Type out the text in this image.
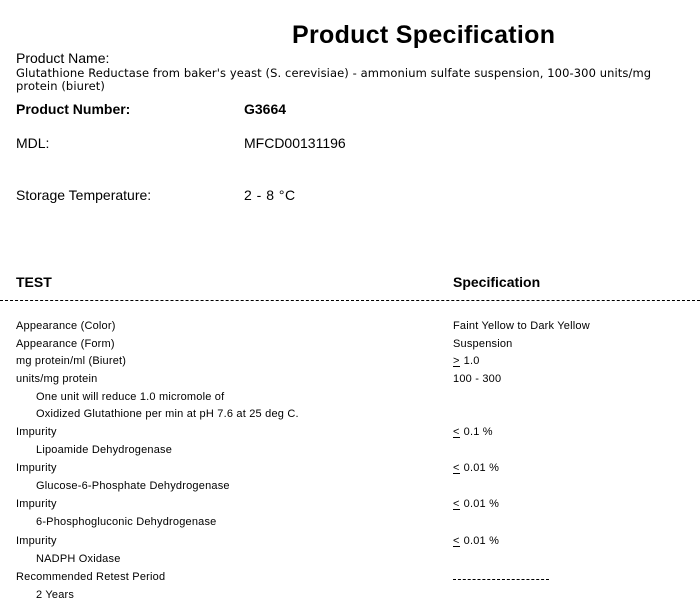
Product Specification
Product Name:
Glutathione Reductase from baker's yeast (S. cerevisiae) - ammonium sulfate suspension, 100-300 units/mg protein (biuret)
Product Number:	G3664
MDL:	MFCD00131196
Storage Temperature:	2 - 8 °C
TEST	Specification
Appearance (Color)	Faint Yellow to Dark Yellow
Appearance (Form)	Suspension
mg protein/ml (Biuret)	> 1.0
units/mg protein	100 - 300
One unit will reduce 1.0 micromole of
Oxidized Glutathione per min at pH 7.6 at 25 deg C.
Impurity	< 0.1 %
Lipoamide Dehydrogenase
Impurity	< 0.01 %
Glucose-6-Phosphate Dehydrogenase
Impurity	< 0.01 %
6-Phosphogluconic Dehydrogenase
Impurity	< 0.01 %
NADPH Oxidase
Recommended Retest Period
2 Years
